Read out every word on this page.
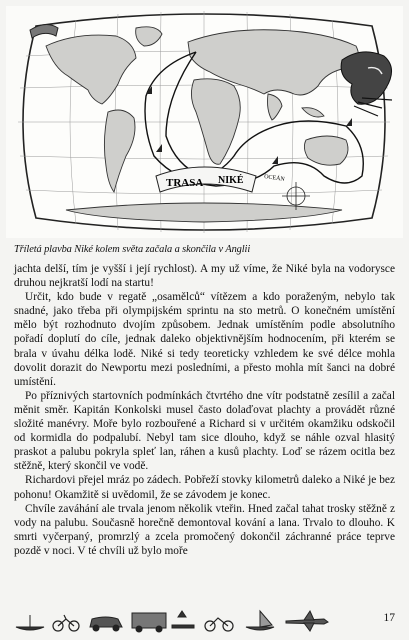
TRASA NIKÉ	OCEÁN
Tříletá plavba Niké kolem světa začala a skončila v Anglii

jachta delší, tím je vyšší i její rychlost). A my už víme, že Niké byla na vodorysce druhou nejkratší lodí na startu!

Určit, kdo bude v regatě „osamělců“ vítězem a kdo poraženým, nebylo tak snadné, jako třeba při olympijském sprintu na sto metrů. O konečném umístění mělo být rozhodnuto dvojím způsobem. Jednak umístěním podle absolutního pořadí doplutí do cíle, jednak daleko objektivnějším hodnocením, při kterém se brala v úvahu délka lodě. Niké si tedy teoreticky vzhledem ke své délce mohla dovolit dorazit do Newportu mezi posledními, a přesto mohla mít šanci na dobré umístění.

Po příznivých startovních podmínkách čtvrtého dne vítr podstatně zesílil a začal měnit směr. Kapitán Konkolski musel často dolaďovat plachty a provádět různé složité manévry. Moře bylo rozbouřené a Richard si v určitém okamžiku odskočil od kormidla do podpalubí. Nebyl tam sice dlouho, když se náhle ozval hlasitý praskot a palubu pokryla spleť lan, ráhen a kusů plachty. Loď se rázem ocitla bez stěžně, který skončil ve vodě.

Richardovi přejel mráz po zádech. Pobřeží stovky kilometrů daleko a Niké je bez pohonu! Okamžitě si uvědomil, že se závodem je konec.

Chvíle zaváhání ale trvala jenom několik vteřin. Hned začal tahat trosky stěžně z vody na palubu. Současně horečně demontoval kování a lana. Trvalo to dlouho. K smrti vyčerpaný, promrzlý a zcela promočený dokončil záchranné práce teprve pozdě v noci. V té chvíli už bylo moře

17
